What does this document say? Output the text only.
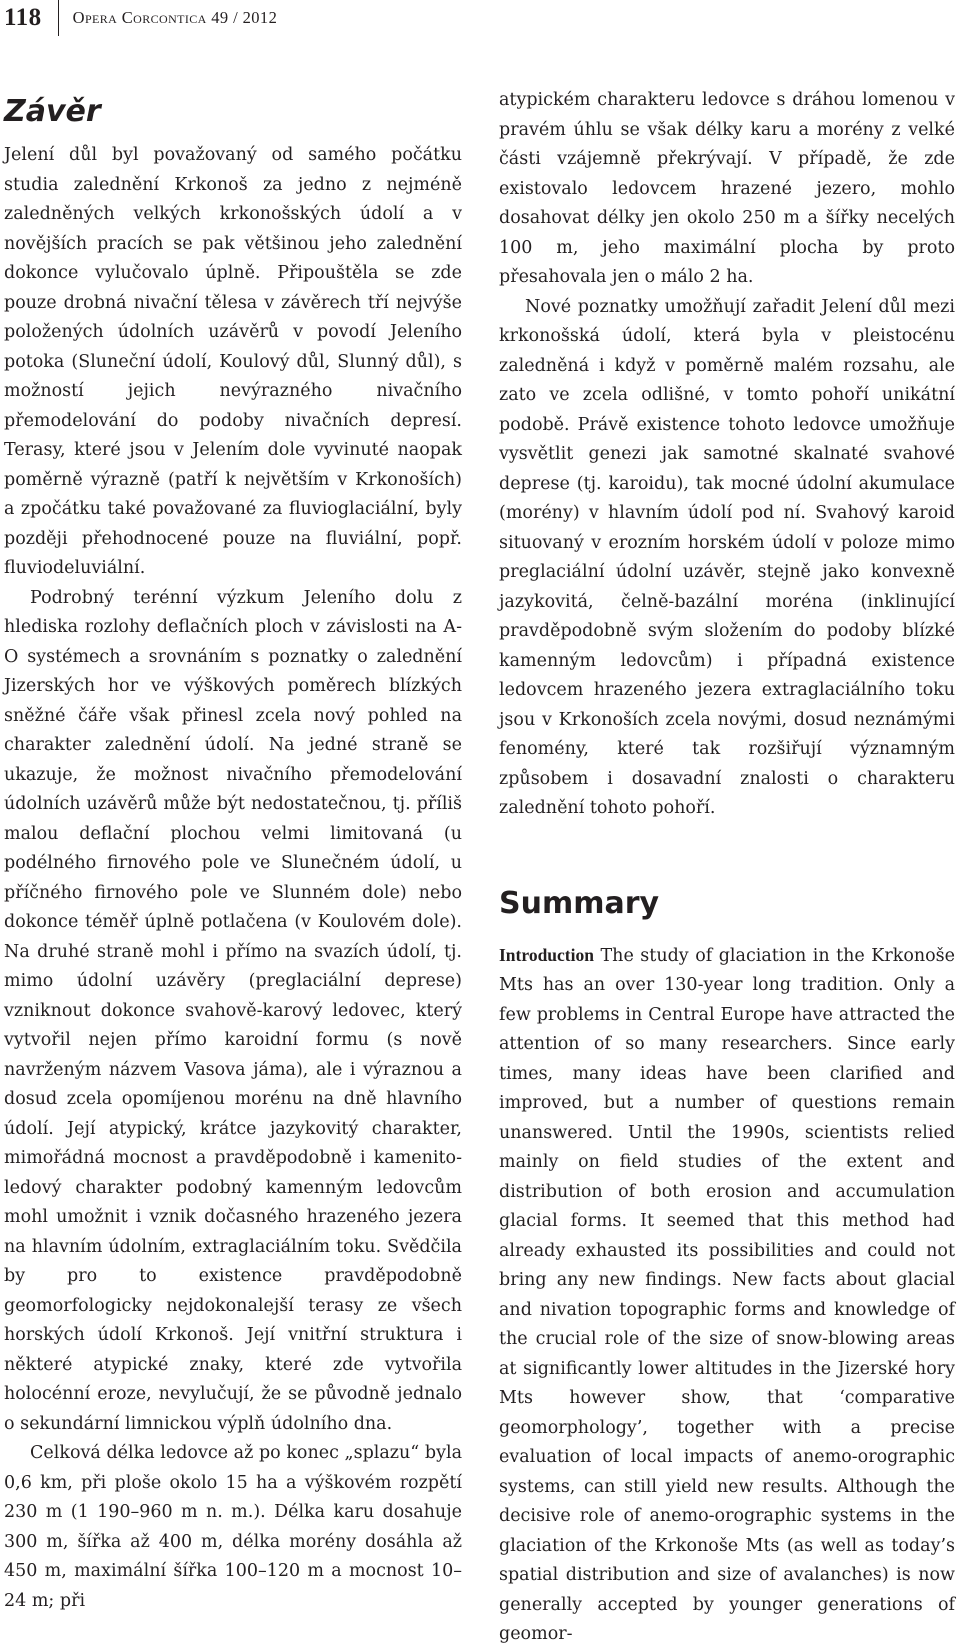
118 Opera Corcontica 49 / 2012
Závěr

Jelení důl byl považovaný od samého počátku studia zalednění Krkonoš za jedno z nejméně zaledněných velkých krkonošských údolí a v novějších pracích se pak většinou jeho zalednění dokonce vylučovalo úplně. Připouštěla se zde pouze drobná nivační tělesa v závěrech tří nejvýše položených údolních uzávěrů v povodí Jeleního potoka (Sluneční údolí, Koulový důl, Slunný důl), s možností jejich nevýrazného nivačního přemodelování do podoby nivačních depresí. Terasy, které jsou v Jelením dole vyvinuté naopak poměrně výrazně (patří k největším v Krkonoších) a zpočátku také považované za fluvioglaciální, byly později přehodnocené pouze na fluviální, popř. fluviodeluviální.

Podrobný terénní výzkum Jeleního dolu z hlediska rozlohy deflačních ploch v závislosti na A-O systémech a srovnáním s poznatky o zalednění Jizerských hor ve výškových poměrech blízkých sněžné čáře však přinesl zcela nový pohled na charakter zalednění údolí. Na jedné straně se ukazuje, že možnost nivačního přemodelování údolních uzávěrů může být nedostatečnou, tj. příliš malou deflační plochou velmi limitovaná (u podélného firnového pole ve Slunečném údolí, u příčného firnového pole ve Slunném dole) nebo dokonce téměř úplně potlačena (v Koulovém dole). Na druhé straně mohl i přímo na svazích údolí, tj. mimo údolní uzávěry (preglaciální deprese) vzniknout dokonce svahově-karový ledovec, který vytvořil nejen přímo karoidní formu (s nově navrženým názvem Vasova jáma), ale i výraznou a dosud zcela opomíjenou morénu na dně hlavního údolí. Její atypický, krátce jazykovitý charakter, mimořádná mocnost a pravděpodobně i kamenito-ledový charakter podobný kamenným ledovcům mohl umožnit i vznik dočasného hrazeného jezera na hlavním údolním, extraglaciálním toku. Svědčila by pro to existence pravděpodobně geomorfologicky nejdokonalejší terasy ze všech horských údolí Krkonoš. Její vnitřní struktura i některé atypické znaky, které zde vytvořila holocénní eroze, nevylučují, že se původně jednalo o sekundární limnickou výplň údolního dna.

Celková délka ledovce až po konec „splazu“ byla 0,6 km, při ploše okolo 15 ha a výškovém rozpětí 230 m (1 190–960 m n. m.). Délka karu dosahuje 300 m, šířka až 400 m, délka morény dosáhla až 450 m, maximální šířka 100–120 m a mocnost 10–24 m; při

atypickém charakteru ledovce s dráhou lomenou v pravém úhlu se však délky karu a morény z velké části vzájemně překrývají. V případě, že zde existovalo ledovcem hrazené jezero, mohlo dosahovat délky jen okolo 250 m a šířky necelých 100 m, jeho maximální plocha by proto přesahovala jen o málo 2 ha.

Nové poznatky umožňují zařadit Jelení důl mezi krkonošská údolí, která byla v pleistocénu zaledněná i když v poměrně malém rozsahu, ale zato ve zcela odlišné, v tomto pohoří unikátní podobě. Právě existence tohoto ledovce umožňuje vysvětlit genezi jak samotné skalnaté svahové deprese (tj. karoidu), tak mocné údolní akumulace (morény) v hlavním údolí pod ní. Svahový karoid situovaný v erozním horském údolí v poloze mimo preglaciální údolní uzávěr, stejně jako konvexně jazykovitá, čelně-bazální moréna (inklinující pravděpodobně svým složením do podoby blízké kamenným ledovcům) i případná existence ledovcem hrazeného jezera extraglaciálního toku jsou v Krkonoších zcela novými, dosud neznámými fenomény, které tak rozšiřují významným způsobem i dosavadní znalosti o charakteru zalednění tohoto pohoří.

Summary

Introduction The study of glaciation in the Krkonoše Mts has an over 130-year long tradition. Only a few problems in Central Europe have attracted the attention of so many researchers. Since early times, many ideas have been clarified and improved, but a number of questions remain unanswered. Until the 1990s, scientists relied mainly on field studies of the extent and distribution of both erosion and accumulation glacial forms. It seemed that this method had already exhausted its possibilities and could not bring any new findings. New facts about glacial and nivation topographic forms and knowledge of the crucial role of the size of snow-blowing areas at significantly lower altitudes in the Jizerské hory Mts however show, that ‘comparative geomorphology’, together with a precise evaluation of local impacts of anemo-orographic systems, can still yield new results. Although the decisive role of anemo-orographic systems in the glaciation of the Krkonoše Mts (as well as today’s spatial distribution and size of avalanches) is now generally accepted by younger generations of geomor-
